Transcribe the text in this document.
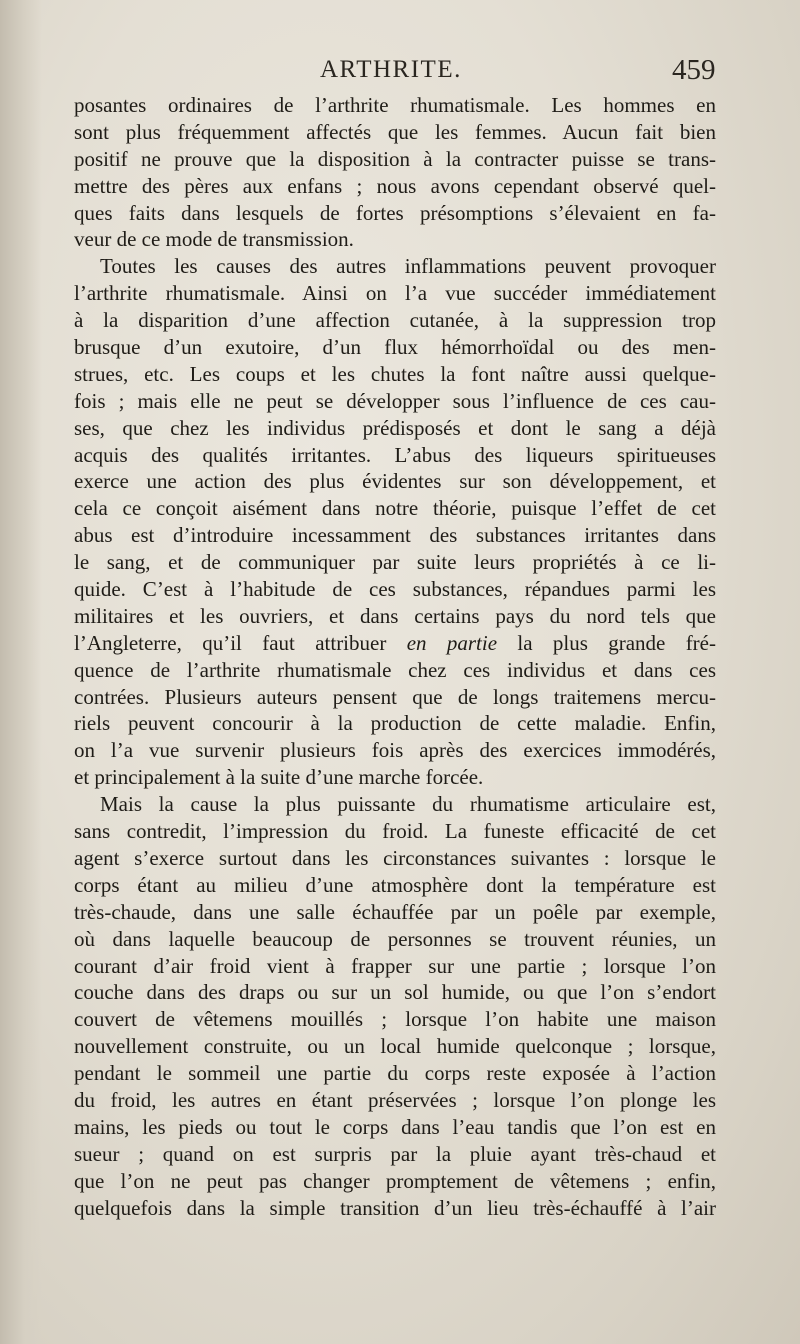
ARTHRITE.	459
posantes ordinaires de l’arthrite rhumatismale. Les hommes en
sont plus fréquemment affectés que les femmes. Aucun fait bien
positif ne prouve que la disposition à la contracter puisse se trans-
mettre des pères aux enfans ; nous avons cependant observé quel-
ques faits dans lesquels de fortes présomptions s’élevaient en fa-
veur de ce mode de transmission.
Toutes les causes des autres inflammations peuvent provoquer
l’arthrite rhumatismale. Ainsi on l’a vue succéder immédiatement
à la disparition d’une affection cutanée, à la suppression trop
brusque d’un exutoire, d’un flux hémorrhoïdal ou des men-
strues, etc. Les coups et les chutes la font naître aussi quelque-
fois ; mais elle ne peut se développer sous l’influence de ces cau-
ses, que chez les individus prédisposés et dont le sang a déjà
acquis des qualités irritantes. L’abus des liqueurs spiritueuses
exerce une action des plus évidentes sur son développement, et
cela ce conçoit aisément dans notre théorie, puisque l’effet de cet
abus est d’introduire incessamment des substances irritantes dans
le sang, et de communiquer par suite leurs propriétés à ce li-
quide. C’est à l’habitude de ces substances, répandues parmi les
militaires et les ouvriers, et dans certains pays du nord tels que
l’Angleterre, qu’il faut attribuer en partie la plus grande fré-
quence de l’arthrite rhumatismale chez ces individus et dans ces
contrées. Plusieurs auteurs pensent que de longs traitemens mercu-
riels peuvent concourir à la production de cette maladie. Enfin,
on l’a vue survenir plusieurs fois après des exercices immodérés,
et principalement à la suite d’une marche forcée.
Mais la cause la plus puissante du rhumatisme articulaire est,
sans contredit, l’impression du froid. La funeste efficacité de cet
agent s’exerce surtout dans les circonstances suivantes : lorsque le
corps étant au milieu d’une atmosphère dont la température est
très-chaude, dans une salle échauffée par un poêle par exemple,
où dans laquelle beaucoup de personnes se trouvent réunies, un
courant d’air froid vient à frapper sur une partie ; lorsque l’on
couche dans des draps ou sur un sol humide, ou que l’on s’endort
couvert de vêtemens mouillés ; lorsque l’on habite une maison
nouvellement construite, ou un local humide quelconque ; lorsque,
pendant le sommeil une partie du corps reste exposée à l’action
du froid, les autres en étant préservées ; lorsque l’on plonge les
mains, les pieds ou tout le corps dans l’eau tandis que l’on est en
sueur ; quand on est surpris par la pluie ayant très-chaud et
que l’on ne peut pas changer promptement de vêtemens ; enfin,
quelquefois dans la simple transition d’un lieu très-échauffé à l’air
